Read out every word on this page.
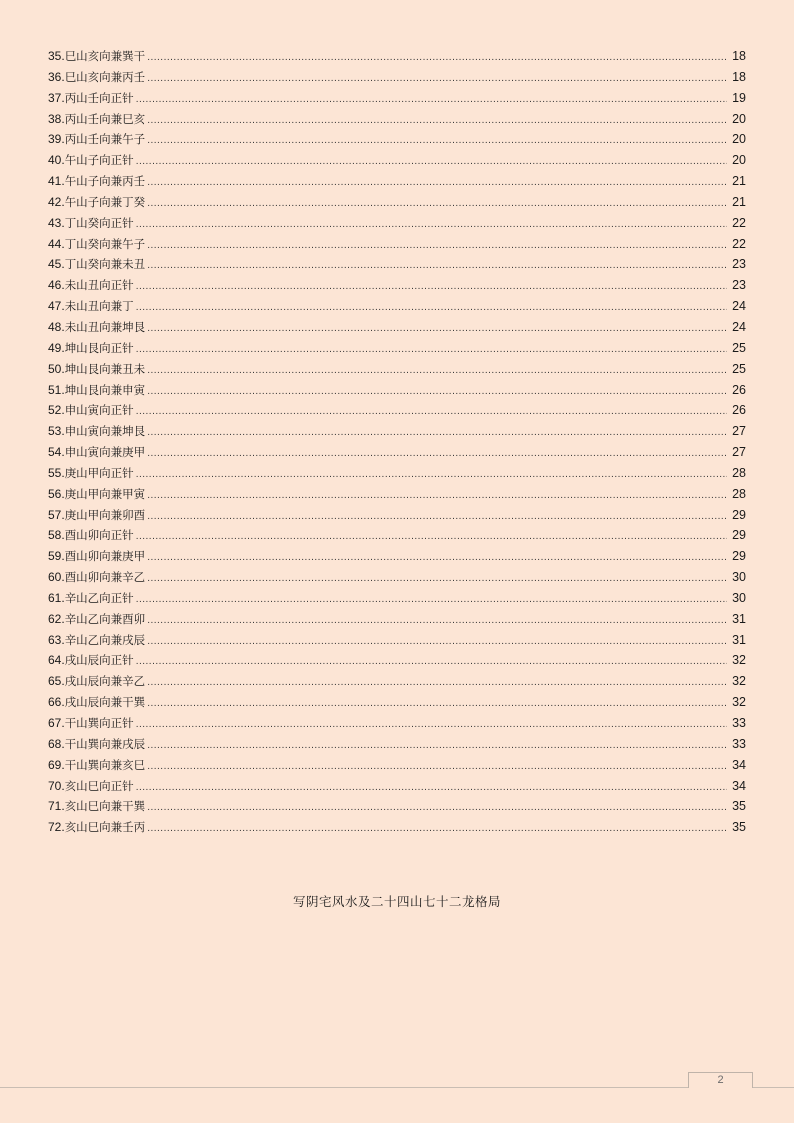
35. 巳山亥向兼巽干 .....	18
36. 巳山亥向兼丙壬 .....	18
37. 丙山壬向正针 .....	19
38. 丙山壬向兼巳亥 .....	20
39. 丙山壬向兼午子 .....	20
40. 午山子向正针 .....	20
41. 午山子向兼丙壬 .....	21
42. 午山子向兼丁癸 .....	21
43. 丁山癸向正针 .....	22
44. 丁山癸向兼午子 .....	22
45. 丁山癸向兼未丑 .....	23
46. 未山丑向正针 .....	23
47. 未山丑向兼丁 .....	24
48. 未山丑向兼坤艮 .....	24
49. 坤山艮向正针 .....	25
50. 坤山艮向兼丑未 .....	25
51. 坤山艮向兼申寅 .....	26
52. 申山寅向正针 .....	26
53. 申山寅向兼坤艮 .....	27
54. 申山寅向兼庚甲 .....	27
55. 庚山甲向正针 .....	28
56. 庚山甲向兼甲寅 .....	28
57. 庚山甲向兼卯酉 .....	29
58. 酉山卯向正针 .....	29
59. 酉山卯向兼庚甲 .....	29
60. 酉山卯向兼辛乙 .....	30
61. 辛山乙向正针 .....	30
62. 辛山乙向兼酉卯 .....	31
63. 辛山乙向兼戌辰 .....	31
64. 戌山辰向正针 .....	32
65. 戌山辰向兼辛乙 .....	32
66. 戌山辰向兼干巽 .....	32
67. 干山巽向正针 .....	33
68. 干山巽向兼戌辰 .....	33
69. 干山巽向兼亥巳 .....	34
70. 亥山巳向正针 .....	34
71. 亥山巳向兼干巽 .....	35
72. 亥山巳向兼壬丙 .....	35
写阴宅风水及二十四山七十二龙格局
2
